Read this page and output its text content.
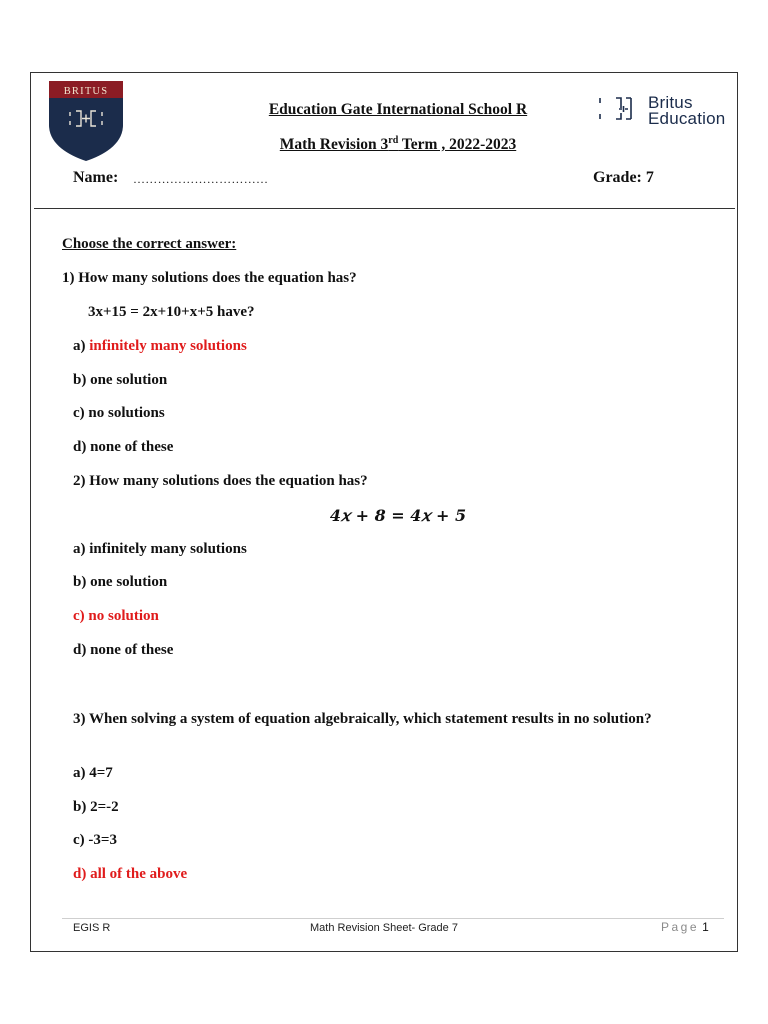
BRITUS
Britus
Education
Education Gate International School R
Math Revision 3rd Term , 2022-2023
Name: ……………………………	Grade: 7
Choose the correct answer:
1) How many solutions does the equation has?
3x+15 = 2x+10+x+5 have?
a) infinitely many solutions
b) one solution
c) no solutions
d) none of these
2) How many solutions does the equation has?
4𝑥 + 8 = 4𝑥 + 5
a) infinitely many solutions
b) one solution
c) no solution
d) none of these
3) When solving a system of equation algebraically, which statement results in no solution?
a) 4=7
b) 2=-2
c) -3=3
d) all of the above
EGIS R	Math Revision Sheet- Grade 7	Page 1
